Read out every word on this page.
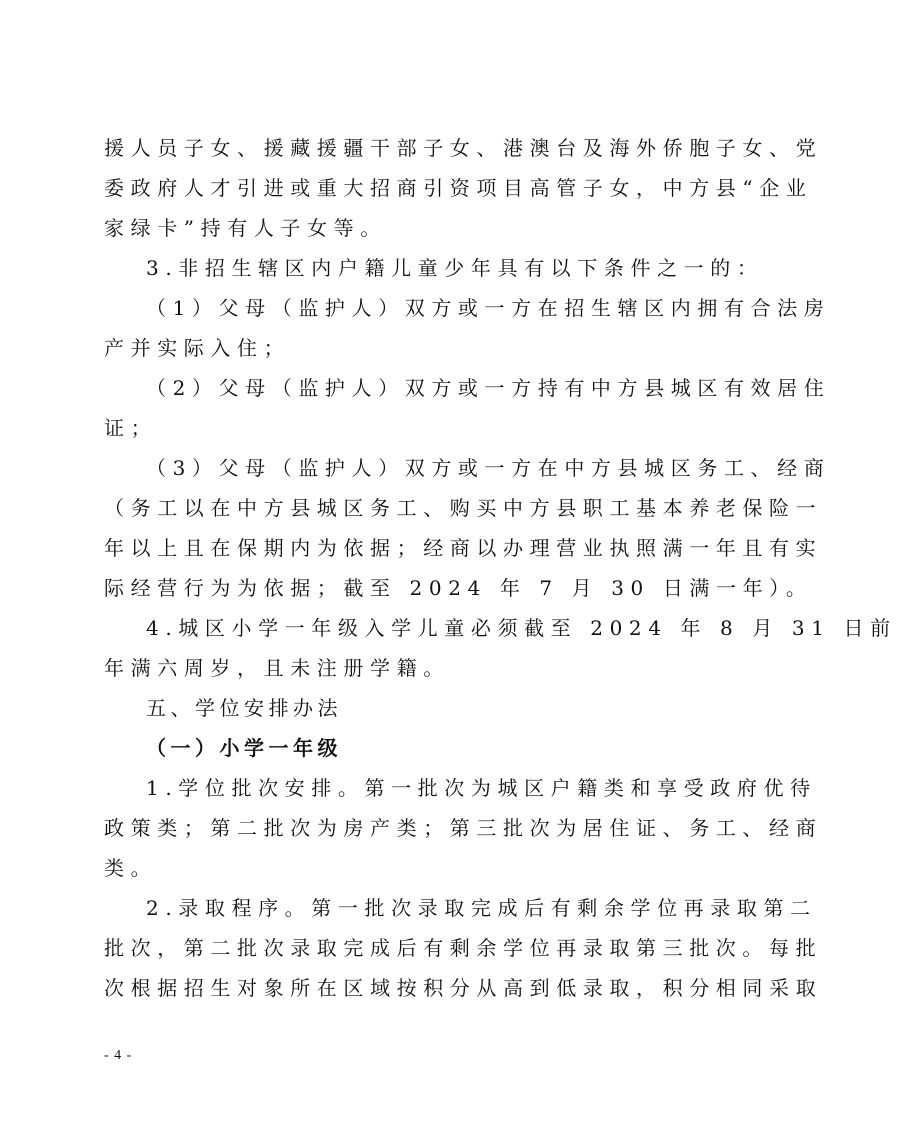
援人员子女、援藏援疆干部子女、港澳台及海外侨胞子女、党
委政府人才引进或重大招商引资项目高管子女，中方县“企业
家绿卡”持有人子女等。
3.非招生辖区内户籍儿童少年具有以下条件之一的：
（1）父母（监护人）双方或一方在招生辖区内拥有合法房
产并实际入住；
（2）父母（监护人）双方或一方持有中方县城区有效居住
证；
（3）父母（监护人）双方或一方在中方县城区务工、经商
（务工以在中方县城区务工、购买中方县职工基本养老保险一
年以上且在保期内为依据；经商以办理营业执照满一年且有实
际经营行为为依据；截至 2024 年 7 月 30 日满一年）。
4.城区小学一年级入学儿童必须截至 2024 年 8 月 31 日前
年满六周岁，且未注册学籍。
五、学位安排办法
（一）小学一年级
1.学位批次安排。第一批次为城区户籍类和享受政府优待
政策类；第二批次为房产类；第三批次为居住证、务工、经商
类。
2.录取程序。第一批次录取完成后有剩余学位再录取第二
批次，第二批次录取完成后有剩余学位再录取第三批次。每批
次根据招生对象所在区域按积分从高到低录取，积分相同采取
- 4 -
